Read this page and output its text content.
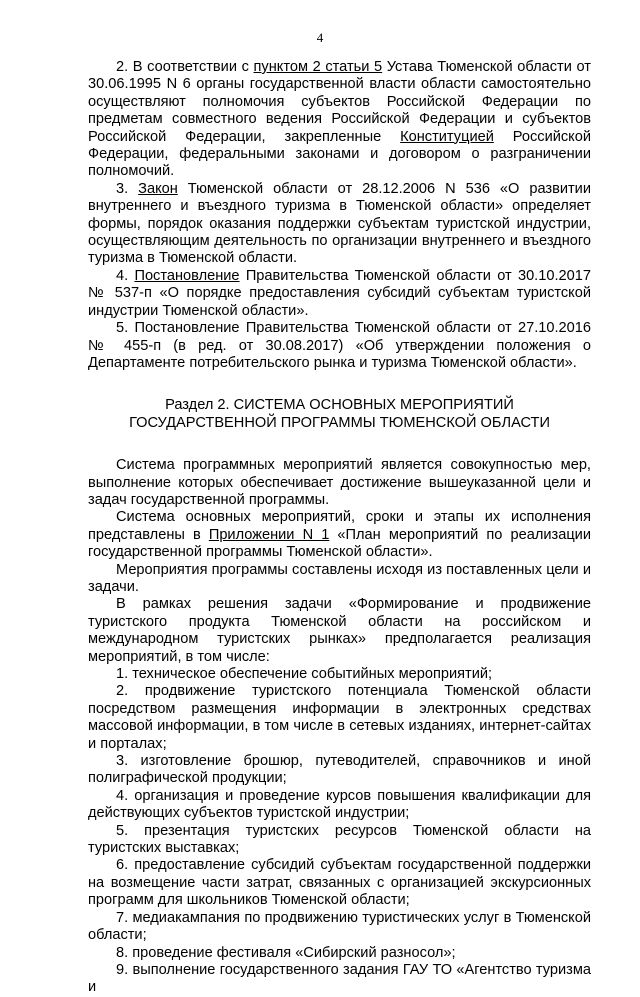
4

2. В соответствии с пунктом 2 статьи 5 Устава Тюменской области от 30.06.1995 N 6 органы государственной власти области самостоятельно осуществляют полномочия субъектов Российской Федерации по предметам совместного ведения Российской Федерации и субъектов Российской Федерации, закрепленные Конституцией Российской Федерации, федеральными законами и договором о разграничении полномочий.

3. Закон Тюменской области от 28.12.2006 N 536 «О развитии внутреннего и въездного туризма в Тюменской области» определяет формы, порядок оказания поддержки субъектам туристской индустрии, осуществляющим деятельность по организации внутреннего и въездного туризма в Тюменской области.

4. Постановление Правительства Тюменской области от 30.10.2017 № 537-п «О порядке предоставления субсидий субъектам туристской индустрии Тюменской области».

5. Постановление Правительства Тюменской области от 27.10.2016 № 455-п (в ред. от 30.08.2017) «Об утверждении положения о Департаменте потребительского рынка и туризма Тюменской области».

Раздел 2. СИСТЕМА ОСНОВНЫХ МЕРОПРИЯТИЙ
ГОСУДАРСТВЕННОЙ ПРОГРАММЫ ТЮМЕНСКОЙ ОБЛАСТИ

Система программных мероприятий является совокупностью мер, выполнение которых обеспечивает достижение вышеуказанной цели и задач государственной программы.

Система основных мероприятий, сроки и этапы их исполнения представлены в Приложении N 1 «План мероприятий по реализации государственной программы Тюменской области».

Мероприятия программы составлены исходя из поставленных цели и задачи.

В рамках решения задачи «Формирование и продвижение туристского продукта Тюменской области на российском и международном туристских рынках» предполагается реализация мероприятий, в том числе:

1. техническое обеспечение событийных мероприятий;

2. продвижение туристского потенциала Тюменской области посредством размещения информации в электронных средствах массовой информации, в том числе в сетевых изданиях, интернет-сайтах и порталах;

3. изготовление брошюр, путеводителей, справочников и иной полиграфической продукции;

4. организация и проведение курсов повышения квалификации для действующих субъектов туристской индустрии;

5. презентация туристских ресурсов Тюменской области на туристских выставках;

6. предоставление субсидий субъектам государственной поддержки на возмещение части затрат, связанных с организацией экскурсионных программ для школьников Тюменской области;

7. медиакампания по продвижению туристических услуг в Тюменской области;

8. проведение фестиваля «Сибирский разносол»;

9. выполнение государственного задания ГАУ ТО «Агентство туризма и
